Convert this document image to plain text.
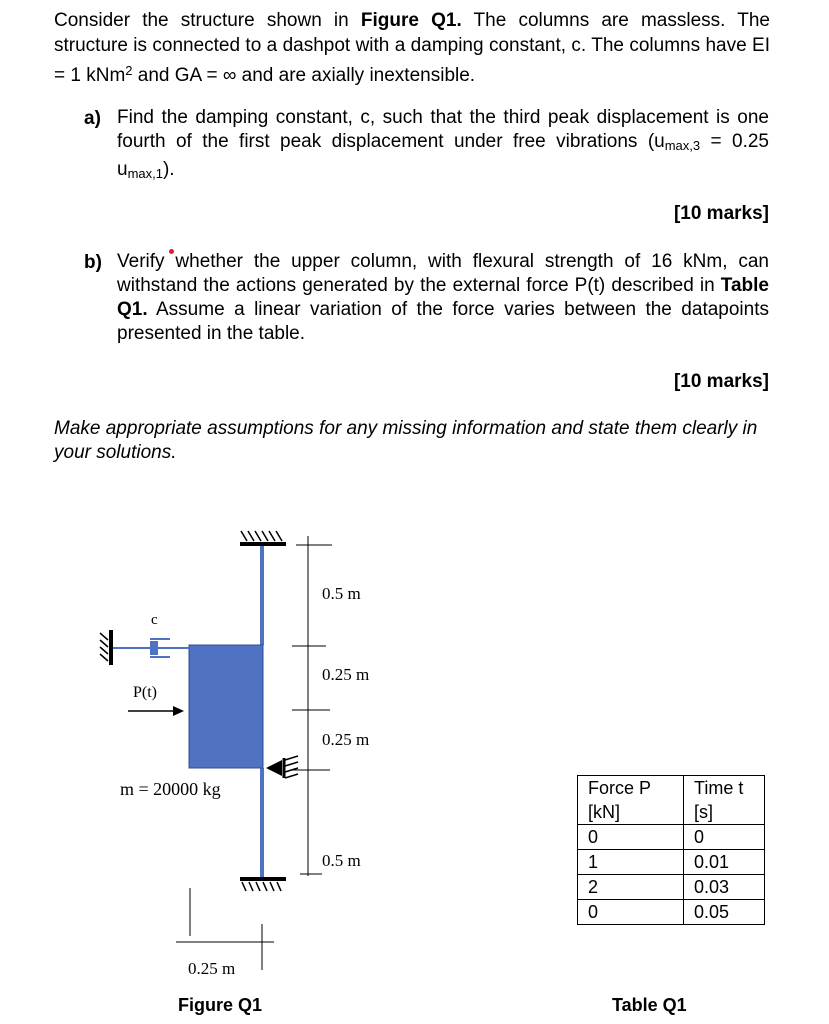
Consider the structure shown in Figure Q1. The columns are massless. The structure is connected to a dashpot with a damping constant, c. The columns have EI = 1 kNm$^2$ and GA = ∞ and are axially inextensible.
a) Find the damping constant, c, such that the third peak displacement is one fourth of the first peak displacement under free vibrations ($u_{max,3} = 0.25$ $u_{max,1}$).
[10 marks]
b) Verify whether the upper column, with flexural strength of 16 kNm, can withstand the actions generated by the external force P(t) described in Table Q1. Assume a linear variation of the force varies between the datapoints presented in the table.
[10 marks]
Make appropriate assumptions for any missing information and state them clearly in your solutions.
c
P(t)
0.5 m
0.25 m
0.25 m
0.5 m
m = 20000 kg
0.25 m
Figure Q1
Force P [kN]	Time t [s]
0	0
1	0.01
2	0.03
0	0.05
Table Q1
